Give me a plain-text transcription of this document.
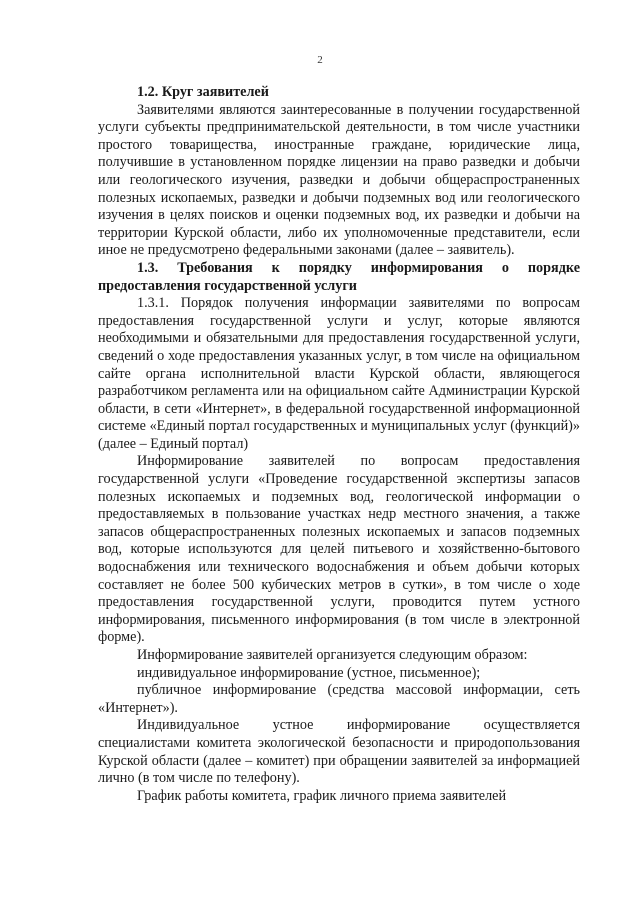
2

1.2. Круг заявителей

Заявителями являются заинтересованные в получении государственной услуги субъекты предпринимательской деятельности, в том числе участники простого товарищества, иностранные граждане, юридические лица, получившие в установленном порядке лицензии на право разведки и добычи или геологического изучения, разведки и добычи общераспространенных полезных ископаемых, разведки и добычи подземных вод или геологического изучения в целях поисков и оценки подземных вод, их разведки и добычи на территории Курской области, либо их уполномоченные представители, если иное не предусмотрено федеральными законами (далее – заявитель).

1.3. Требования к порядку информирования о порядке предоставления государственной услуги

1.3.1. Порядок получения информации заявителями по вопросам предоставления государственной услуги и услуг, которые являются необходимыми и обязательными для предоставления государственной услуги, сведений о ходе предоставления указанных услуг, в том числе на официальном сайте органа исполнительной власти Курской области, являющегося разработчиком регламента или на официальном сайте Администрации Курской области, в сети «Интернет», в федеральной государственной информационной системе «Единый портал государственных и муниципальных услуг (функций)» (далее – Единый портал)

Информирование заявителей по вопросам предоставления государственной услуги «Проведение государственной экспертизы запасов полезных ископаемых и подземных вод, геологической информации о предоставляемых в пользование участках недр местного значения, а также запасов общераспространенных полезных ископаемых и запасов подземных вод, которые используются для целей питьевого и хозяйственно-бытового водоснабжения или технического водоснабжения и объем добычи которых составляет не более 500 кубических метров в сутки», в том числе о ходе предоставления государственной услуги, проводится путем устного информирования, письменного информирования (в том числе в электронной форме).

Информирование заявителей организуется следующим образом:

индивидуальное информирование (устное, письменное);

публичное информирование (средства массовой информации, сеть «Интернет»).

Индивидуальное устное информирование осуществляется специалистами комитета экологической безопасности и природопользования Курской области (далее – комитет) при обращении заявителей за информацией лично (в том числе по телефону).

График работы комитета, график личного приема заявителей
